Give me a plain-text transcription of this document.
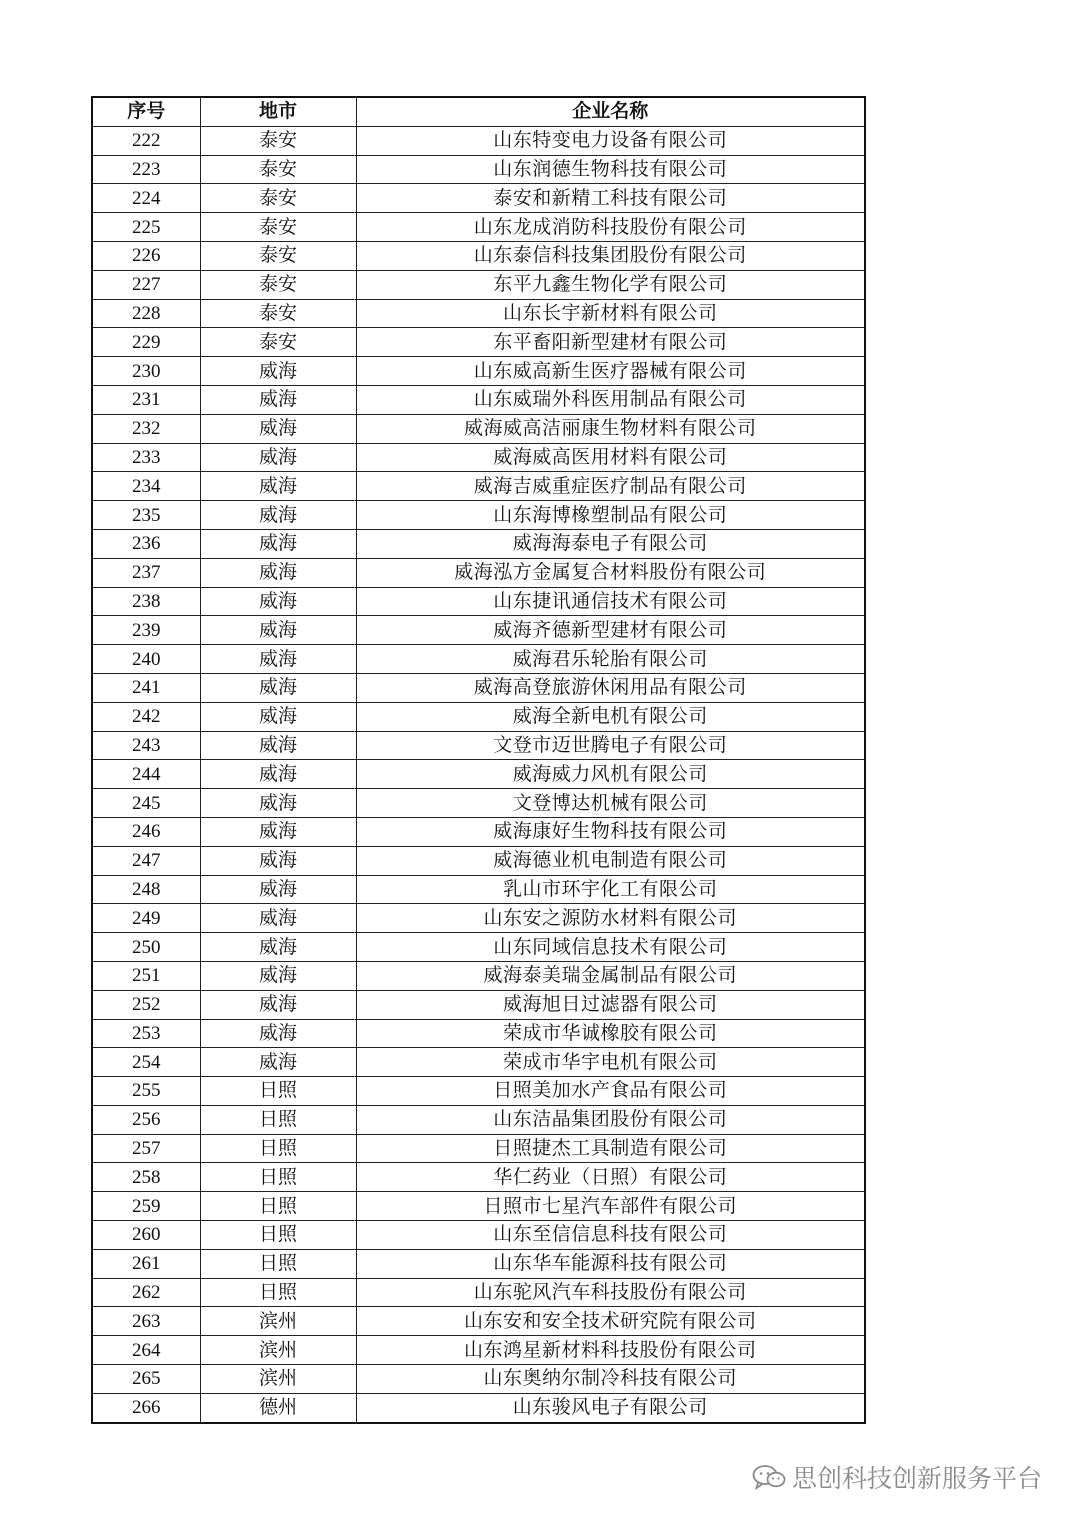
序号	地市	企业名称
222	泰安	山东特变电力设备有限公司
223	泰安	山东润德生物科技有限公司
224	泰安	泰安和新精工科技有限公司
225	泰安	山东龙成消防科技股份有限公司
226	泰安	山东泰信科技集团股份有限公司
227	泰安	东平九鑫生物化学有限公司
228	泰安	山东长宇新材料有限公司
229	泰安	东平畜阳新型建材有限公司
230	威海	山东威高新生医疗器械有限公司
231	威海	山东威瑞外科医用制品有限公司
232	威海	威海威高洁丽康生物材料有限公司
233	威海	威海威高医用材料有限公司
234	威海	威海吉威重症医疗制品有限公司
235	威海	山东海博橡塑制品有限公司
236	威海	威海海泰电子有限公司
237	威海	威海泓方金属复合材料股份有限公司
238	威海	山东捷讯通信技术有限公司
239	威海	威海齐德新型建材有限公司
240	威海	威海君乐轮胎有限公司
241	威海	威海高登旅游休闲用品有限公司
242	威海	威海全新电机有限公司
243	威海	文登市迈世腾电子有限公司
244	威海	威海威力风机有限公司
245	威海	文登博达机械有限公司
246	威海	威海康好生物科技有限公司
247	威海	威海德业机电制造有限公司
248	威海	乳山市环宇化工有限公司
249	威海	山东安之源防水材料有限公司
250	威海	山东同域信息技术有限公司
251	威海	威海泰美瑞金属制品有限公司
252	威海	威海旭日过滤器有限公司
253	威海	荣成市华诚橡胶有限公司
254	威海	荣成市华宇电机有限公司
255	日照	日照美加水产食品有限公司
256	日照	山东洁晶集团股份有限公司
257	日照	日照捷杰工具制造有限公司
258	日照	华仁药业（日照）有限公司
259	日照	日照市七星汽车部件有限公司
260	日照	山东至信信息科技有限公司
261	日照	山东华车能源科技有限公司
262	日照	山东驼风汽车科技股份有限公司
263	滨州	山东安和安全技术研究院有限公司
264	滨州	山东鸿星新材料科技股份有限公司
265	滨州	山东奥纳尔制冷科技有限公司
266	德州	山东骏风电子有限公司
思创科技创新服务平台
